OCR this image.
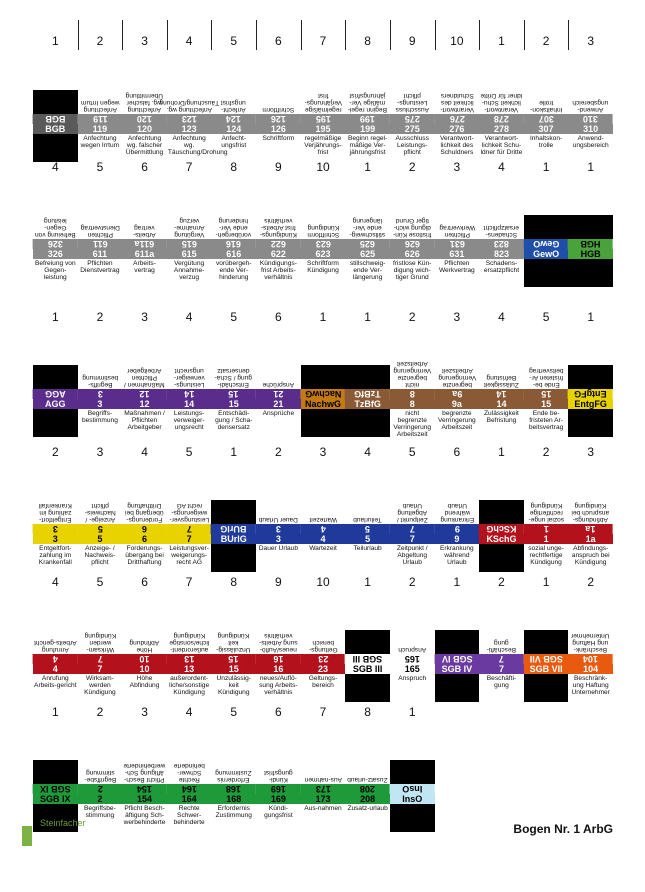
1	2	3	4	5	6	7	8	9	10	1	2	3
BGB
BGB
Anfechtung wegen Irrtum
119
119
Anfechtung wegen Irrtum
Anfechtung wg. falscher Übermittlung
120
120
Anfechtung wg. falscher Übermittlung
Anfechtung wg. Täuschung/Drohung
123
123
Anfechtung wg. Täuschung/Drohung
Anfecht-ungsfrist
124
124
Anfecht-ungsfrist
Schriftform
126
126
Schriftform
regelmäßige Verjährungs-frist
195
195
regelmäßige Verjährungs-frist
Beginn regel-mäßige Ver-jährungsfrist
199
199
Beginn regel-mäßige Ver-jährungsfrist
Ausschluss Leistungs-pflicht
275
275
Ausschluss Leistungs-pflicht
Verantwort-lichkeit des Schuldners
276
276
Verantwort-lichkeit des Schuldners
Verantwort-lichkeit Schu-ldner für Dritte
278
278
Verantwort-lichkeit Schu-ldner für Dritte
Inhaltskon-trolle
307
307
Inhaltskon-trolle
Anwend-ungsbereich
310
310
Anwend-ungsbereich
4	5	6	7	8	9	10	1	2	3	4	1	1
Befreiung von Gegen-leistung
326
326
Befreiung von Gegen-leistung
Pflichten Dienstvertrag
611
611
Pflichten Dienstvertrag
Arbeits-vertrag
611a
611a
Arbeits-vertrag
Vergütung Annahme-verzug
615
615
Vergütung Annahme-verzug
vorübergeh-ende Ver-hinderung
616
616
vorübergeh-ende Ver-hinderung
Kündigungs-frist Arbeits-verhältnis
622
622
Kündigungs-frist Arbeits-verhältnis
Schriftform Kündigung
623
623
Schriftform Kündigung
stillschweig-ende Ver-längerung
625
625
stillschweig-ende Ver-längerung
fristlose Kün-digung wich-tiger Grund
626
626
fristlose Kün-digung wich-tiger Grund
Pflichten Werkvertrag
631
631
Pflichten Werkvertrag
Schadens-ersatzpflicht
823
823
Schadens-ersatzpflicht
GewO
GewO
HGB
HGB
1	2	3	4	5	6	1	1	2	3	4	5	1
AGG
AGG
Begriffs-bestimmung
3
3
Begriffs-bestimmung
Maßnahmen / Pflichten Arbeitgeber
12
12
Maßnahmen / Pflichten Arbeitgeber
Leistungs-verweiger-ungsrecht
14
14
Leistungs-verweiger-ungsrecht
Entschädi-gung / Scha-densersatz
15
15
Entschädi-gung / Scha-densersatz
Ansprüche
21
21
Ansprüche
NachwG
NachwG
TzBfG
TzBfG
nicht begrenzte Verringerung Arbeitszeit
8
8
nicht begrenzte Verringerung Arbeitszeit
begrenzte Verringerung Arbeitszeit
9a
9a
begrenzte Verringerung Arbeitszeit
Zulässigkeit Befristung
14
14
Zulässigkeit Befristung
Ende be-fristeten Ar-beitsvertrag
15
15
Ende be-fristeten Ar-beitsvertrag
EntgFG
EntgFG
2	3	4	5	1	2	3	4	5	6	1	2	3
Entgeltfort-zahlung im Krankenfall
3
3
Entgeltfort-zahlung im Krankenfall
Anzeige- / Nachweis-pflicht
5
5
Anzeige- / Nachweis-pflicht
Forderungs-übergang bei Dritthaftung
6
6
Forderungs-übergang bei Dritthaftung
Leistungsver-weigerungs-recht AG
7
7
Leistungsver-weigerungs-recht AG
BUrlG
BUrlG
Dauer Urlaub
3
3
Dauer Urlaub
Wartezeit
4
4
Wartezeit
Teilurlaub
5
5
Teilurlaub
Zeitpunkt / Abgeltung Urlaub
7
7
Zeitpunkt / Abgeltung Urlaub
Erkrankung während Urlaub
9
9
Erkrankung während Urlaub
KSchG
KSchG
sozial unge-rechtfertige Kündigung
1
1
sozial unge-rechtfertige Kündigung
Abfindungs-anspruch bei Kündigung
1a
1a
Abfindungs-anspruch bei Kündigung
4	5	6	7	8	9	10	1	2	1	2	1	2
Anrufung Arbeits-gericht
4
4
Anrufung Arbeits-gericht
Wirksam-werden Kündigung
7
7
Wirksam-werden Kündigung
Höhe Abfindung
10
10
Höhe Abfindung
außerordent-liche/sonstige Kündigung
13
13
außerordent-liche/sonstige Kündigung
Unzulässig-keit Kündigung
15
15
Unzulässig-keit Kündigung
neues/Auflö-sung Arbeits-verhältnis
16
16
neues/Auflö-sung Arbeits-verhältnis
Geltungs-bereich
23
23
Geltungs-bereich
SGB III
SGB III
Anspruch
165
165
Anspruch
SGB IV
SGB IV
Beschäfti-gung
7
7
Beschäfti-gung
SGB VII
SGB VII
Beschränk-ung Haftung Unternehmer
104
104
Beschränk-ung Haftung Unternehmer
1	2	3	4	5	6	7	8	1
SGB IX
SGB IX
Begriffsbe-stimmung
2
2
Begriffsbe-stimmung
Pflicht Besch-äftigung Sch-werbehinderte
154
154
Pflicht Besch-äftigung Sch-werbehinderte
Rechte Schwer-behinderte
164
164
Rechte Schwer-behinderte
Erfordernis Zustimmung
168
168
Erfordernis Zustimmung
Kündi-gungsfrist
169
169
Kündi-gungsfrist
Aus-nahmen
173
173
Aus-nahmen
Zusatz-urlaub
208
208
Zusatz-urlaub
InsO
InsO
Steinfacher	Bogen Nr. 1 ArbG
